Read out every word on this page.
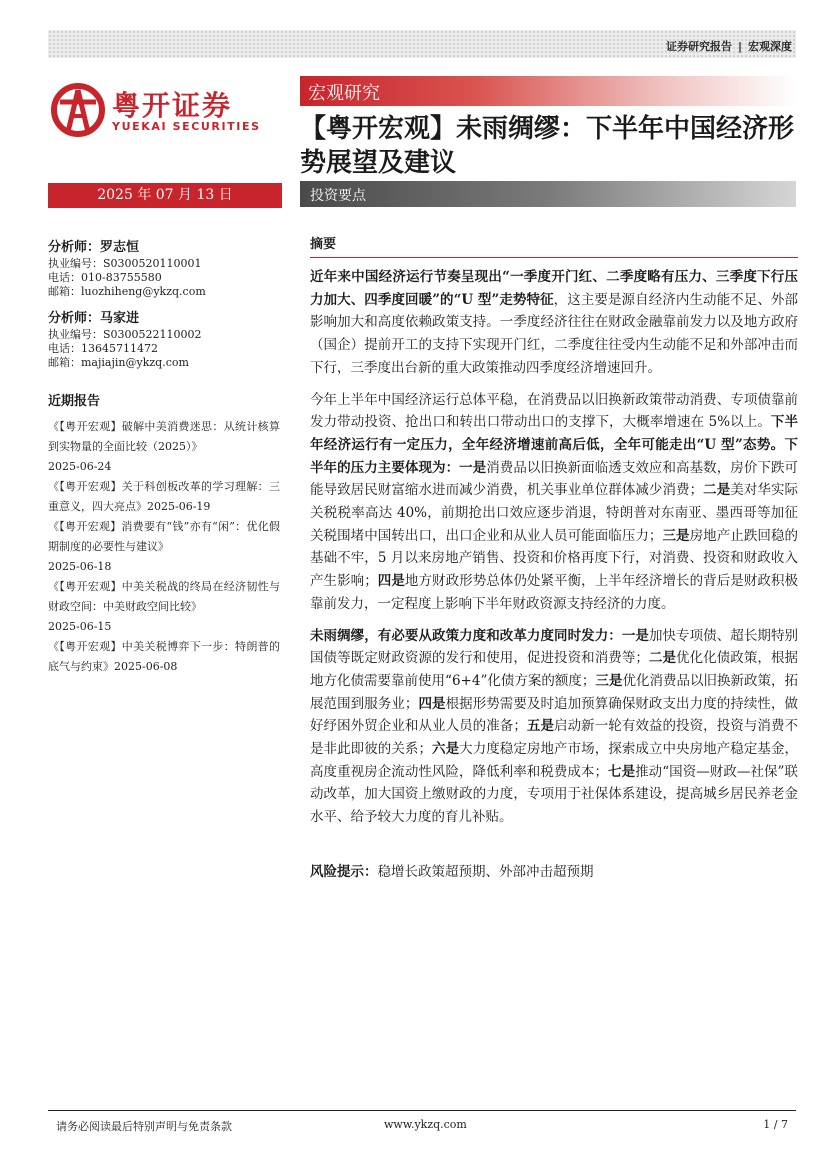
证券研究报告 | 宏观深度
粤开证券
YUEKAI SECURITIES
宏观研究
【粤开宏观】未雨绸缪：下半年中国经济形势展望及建议
2025 年 07 月 13 日	投资要点
分析师：罗志恒
执业编号：S0300520110001
电话：010-83755580
邮箱：luozhiheng@ykzq.com
分析师：马家进
执业编号：S0300522110002
电话：13645711472
邮箱：majiajin@ykzq.com
近期报告
《【粤开宏观】破解中美消费迷思：从统计核算到实物量的全面比较（2025）》
2025-06-24
《【粤开宏观】关于科创板改革的学习理解：三重意义，四大亮点》2025-06-19
《【粤开宏观】消费要有“钱”亦有“闲”：优化假期制度的必要性与建议》
2025-06-18
《【粤开宏观】中美关税战的终局在经济韧性与财政空间：中美财政空间比较》
2025-06-15
《【粤开宏观】中美关税博弈下一步：特朗普的底气与约束》2025-06-08
摘要

近年来中国经济运行节奏呈现出“一季度开门红、二季度略有压力、三季度下行压力加大、四季度回暖”的“U 型”走势特征，这主要是源自经济内生动能不足、外部影响加大和高度依赖政策支持。一季度经济往往在财政金融靠前发力以及地方政府（国企）提前开工的支持下实现开门红，二季度往往受内生动能不足和外部冲击而下行，三季度出台新的重大政策推动四季度经济增速回升。

今年上半年中国经济运行总体平稳，在消费品以旧换新政策带动消费、专项债靠前发力带动投资、抢出口和转出口带动出口的支撑下，大概率增速在 5%以上。下半年经济运行有一定压力，全年经济增速前高后低，全年可能走出“U 型”态势。下半年的压力主要体现为：一是消费品以旧换新面临透支效应和高基数，房价下跌可能导致居民财富缩水进而减少消费，机关事业单位群体减少消费；二是美对华实际关税税率高达 40%，前期抢出口效应逐步消退，特朗普对东南亚、墨西哥等加征关税围堵中国转出口，出口企业和从业人员可能面临压力；三是房地产止跌回稳的基础不牢，5 月以来房地产销售、投资和价格再度下行，对消费、投资和财政收入产生影响；四是地方财政形势总体仍处紧平衡，上半年经济增长的背后是财政积极靠前发力，一定程度上影响下半年财政资源支持经济的力度。

未雨绸缪，有必要从政策力度和改革力度同时发力：一是加快专项债、超长期特别国债等既定财政资源的发行和使用，促进投资和消费等；二是优化化债政策，根据地方化债需要靠前使用“6+4”化债方案的额度；三是优化消费品以旧换新政策，拓展范围到服务业；四是根据形势需要及时追加预算确保财政支出力度的持续性，做好纾困外贸企业和从业人员的准备；五是启动新一轮有效益的投资，投资与消费不是非此即彼的关系；六是大力度稳定房地产市场，探索成立中央房地产稳定基金，高度重视房企流动性风险，降低利率和税费成本；七是推动“国资—财政—社保”联动改革，加大国资上缴财政的力度，专项用于社保体系建设，提高城乡居民养老金水平、给予较大力度的育儿补贴。

风险提示：稳增长政策超预期、外部冲击超预期

请务必阅读最后特别声明与免责条款	www.ykzq.com	1 / 7
